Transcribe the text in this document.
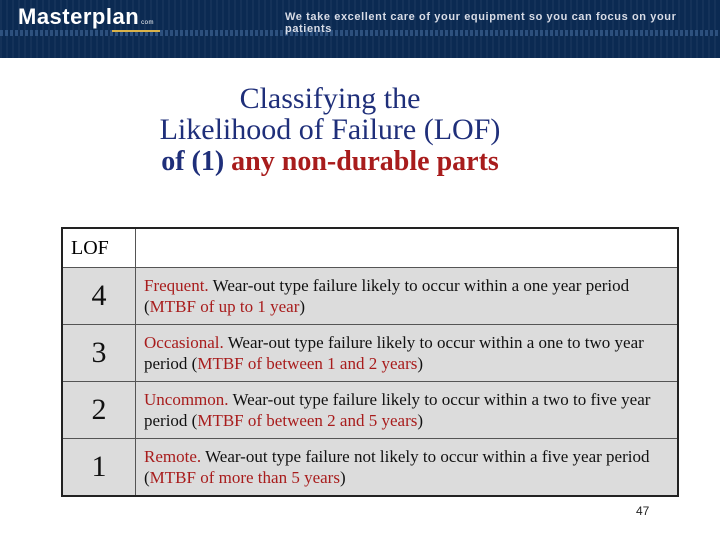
Masterplan com	We take excellent care of your equipment so you can focus on your patients
Classifying the
Likelihood of Failure (LOF)
of (1) any non-durable parts
LOF	
4	Frequent. Wear-out type failure likely to occur within a one year period (MTBF of up to 1 year)
3	Occasional. Wear-out type failure likely to occur within a one to two year period (MTBF of between 1 and 2 years)
2	Uncommon. Wear-out type failure likely to occur within a two to five year period (MTBF of between 2 and 5 years)
1	Remote. Wear-out type failure not likely to occur within a five year period (MTBF of more than 5 years)
47
